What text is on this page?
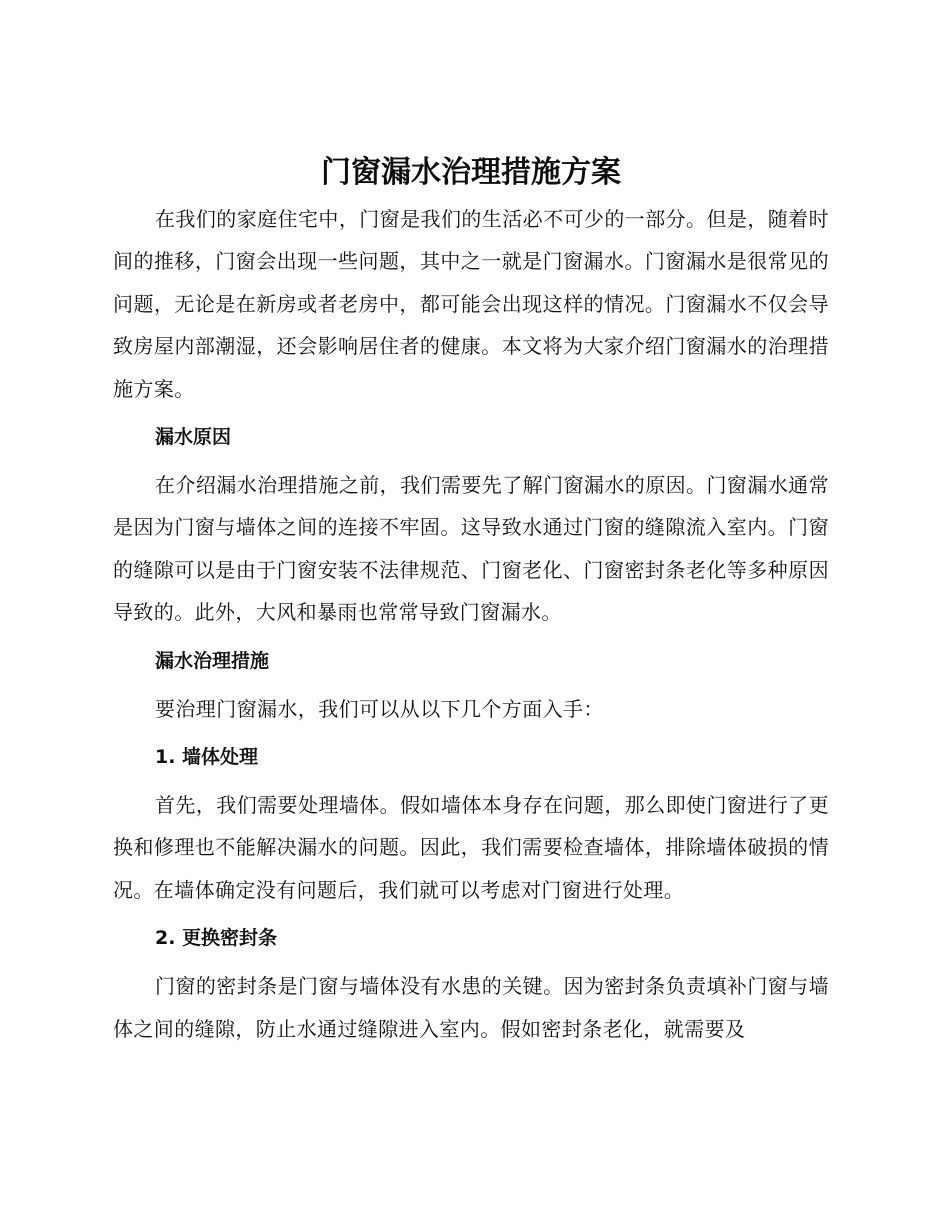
门窗漏水治理措施方案

在我们的家庭住宅中，门窗是我们的生活必不可少的一部分。但是，随着时间的推移，门窗会出现一些问题，其中之一就是门窗漏水。门窗漏水是很常见的问题，无论是在新房或者老房中，都可能会出现这样的情况。门窗漏水不仅会导致房屋内部潮湿，还会影响居住者的健康。本文将为大家介绍门窗漏水的治理措施方案。

漏水原因

在介绍漏水治理措施之前，我们需要先了解门窗漏水的原因。门窗漏水通常是因为门窗与墙体之间的连接不牢固。这导致水通过门窗的缝隙流入室内。门窗的缝隙可以是由于门窗安装不法律规范、门窗老化、门窗密封条老化等多种原因导致的。此外，大风和暴雨也常常导致门窗漏水。

漏水治理措施

要治理门窗漏水，我们可以从以下几个方面入手：

1. 墙体处理

首先，我们需要处理墙体。假如墙体本身存在问题，那么即使门窗进行了更换和修理也不能解决漏水的问题。因此，我们需要检查墙体，排除墙体破损的情况。在墙体确定没有问题后，我们就可以考虑对门窗进行处理。

2. 更换密封条

门窗的密封条是门窗与墙体没有水患的关键。因为密封条负责填补门窗与墙体之间的缝隙，防止水通过缝隙进入室内。假如密封条老化，就需要及
